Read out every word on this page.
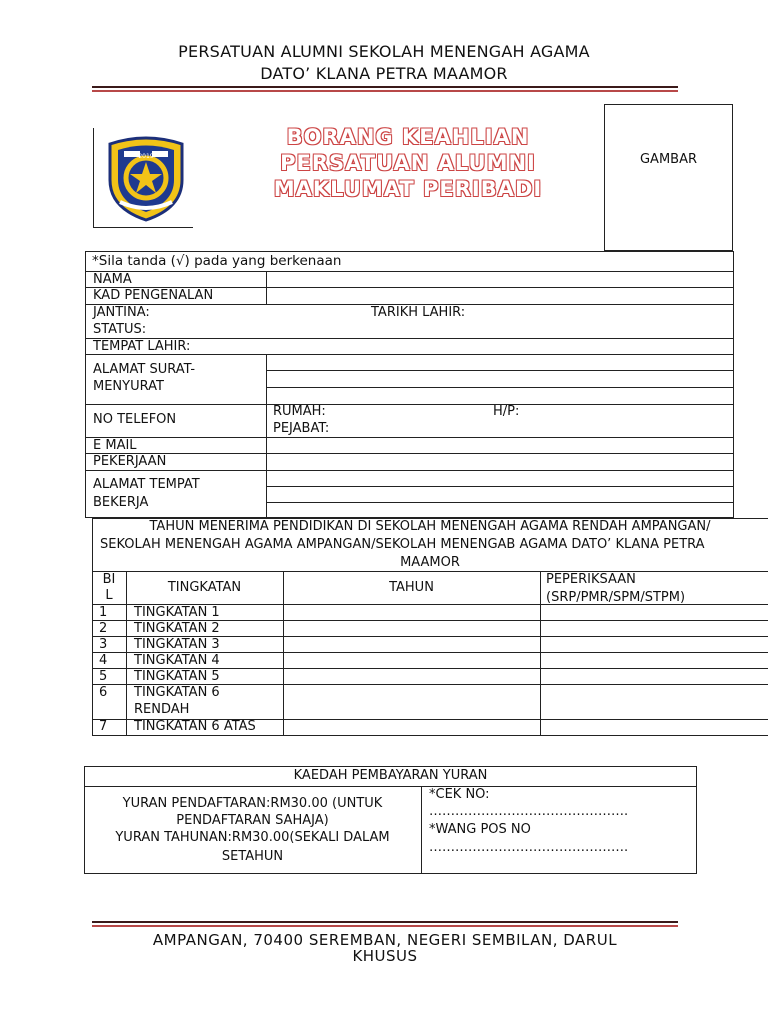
PERSATUAN ALUMNI SEKOLAH MENENGAH AGAMA
DATO’ KLANA PETRA MAAMOR
2019
BORANG KEAHLIAN
PERSATUAN ALUMNI
MAKLUMAT PERIBADI
GAMBAR
*Sila tanda (√) pada yang berkenaan
NAMA
KAD PENGENALAN
JANTINA:	TARIKH LAHIR:
STATUS:
TEMPAT LAHIR:
ALAMAT SURAT-
MENYURAT
NO TELEFON
RUMAH:	H/P:
PEJABAT:
E MAIL
PEKERJAAN
ALAMAT TEMPAT
BEKERJA
TAHUN MENERIMA PENDIDIKAN DI SEKOLAH MENENGAH AGAMA RENDAH AMPANGAN/
SEKOLAH MENENGAH AGAMA AMPANGAN/SEKOLAH MENENGAB AGAMA DATO’ KLANA PETRA
MAAMOR
BI
L
TINGKATAN	TAHUN
PEPERIKSAAN
(SRP/PMR/SPM/STPM)
1 TINGKATAN 1
2 TINGKATAN 2
3 TINGKATAN 3
4 TINGKATAN 4
5 TINGKATAN 5
6 TINGKATAN 6
RENDAH
7 TINGKATAN 6 ATAS
KAEDAH PEMBAYARAN YURAN
YURAN PENDAFTARAN:RM30.00 (UNTUK
PENDAFTARAN SAHAJA)
YURAN TAHUNAN:RM30.00(SEKALI DALAM
SETAHUN
*CEK NO:
……………………………………….
*WANG POS NO
……………………………………….
AMPANGAN, 70400 SEREMBAN, NEGERI SEMBILAN, DARUL
KHUSUS
